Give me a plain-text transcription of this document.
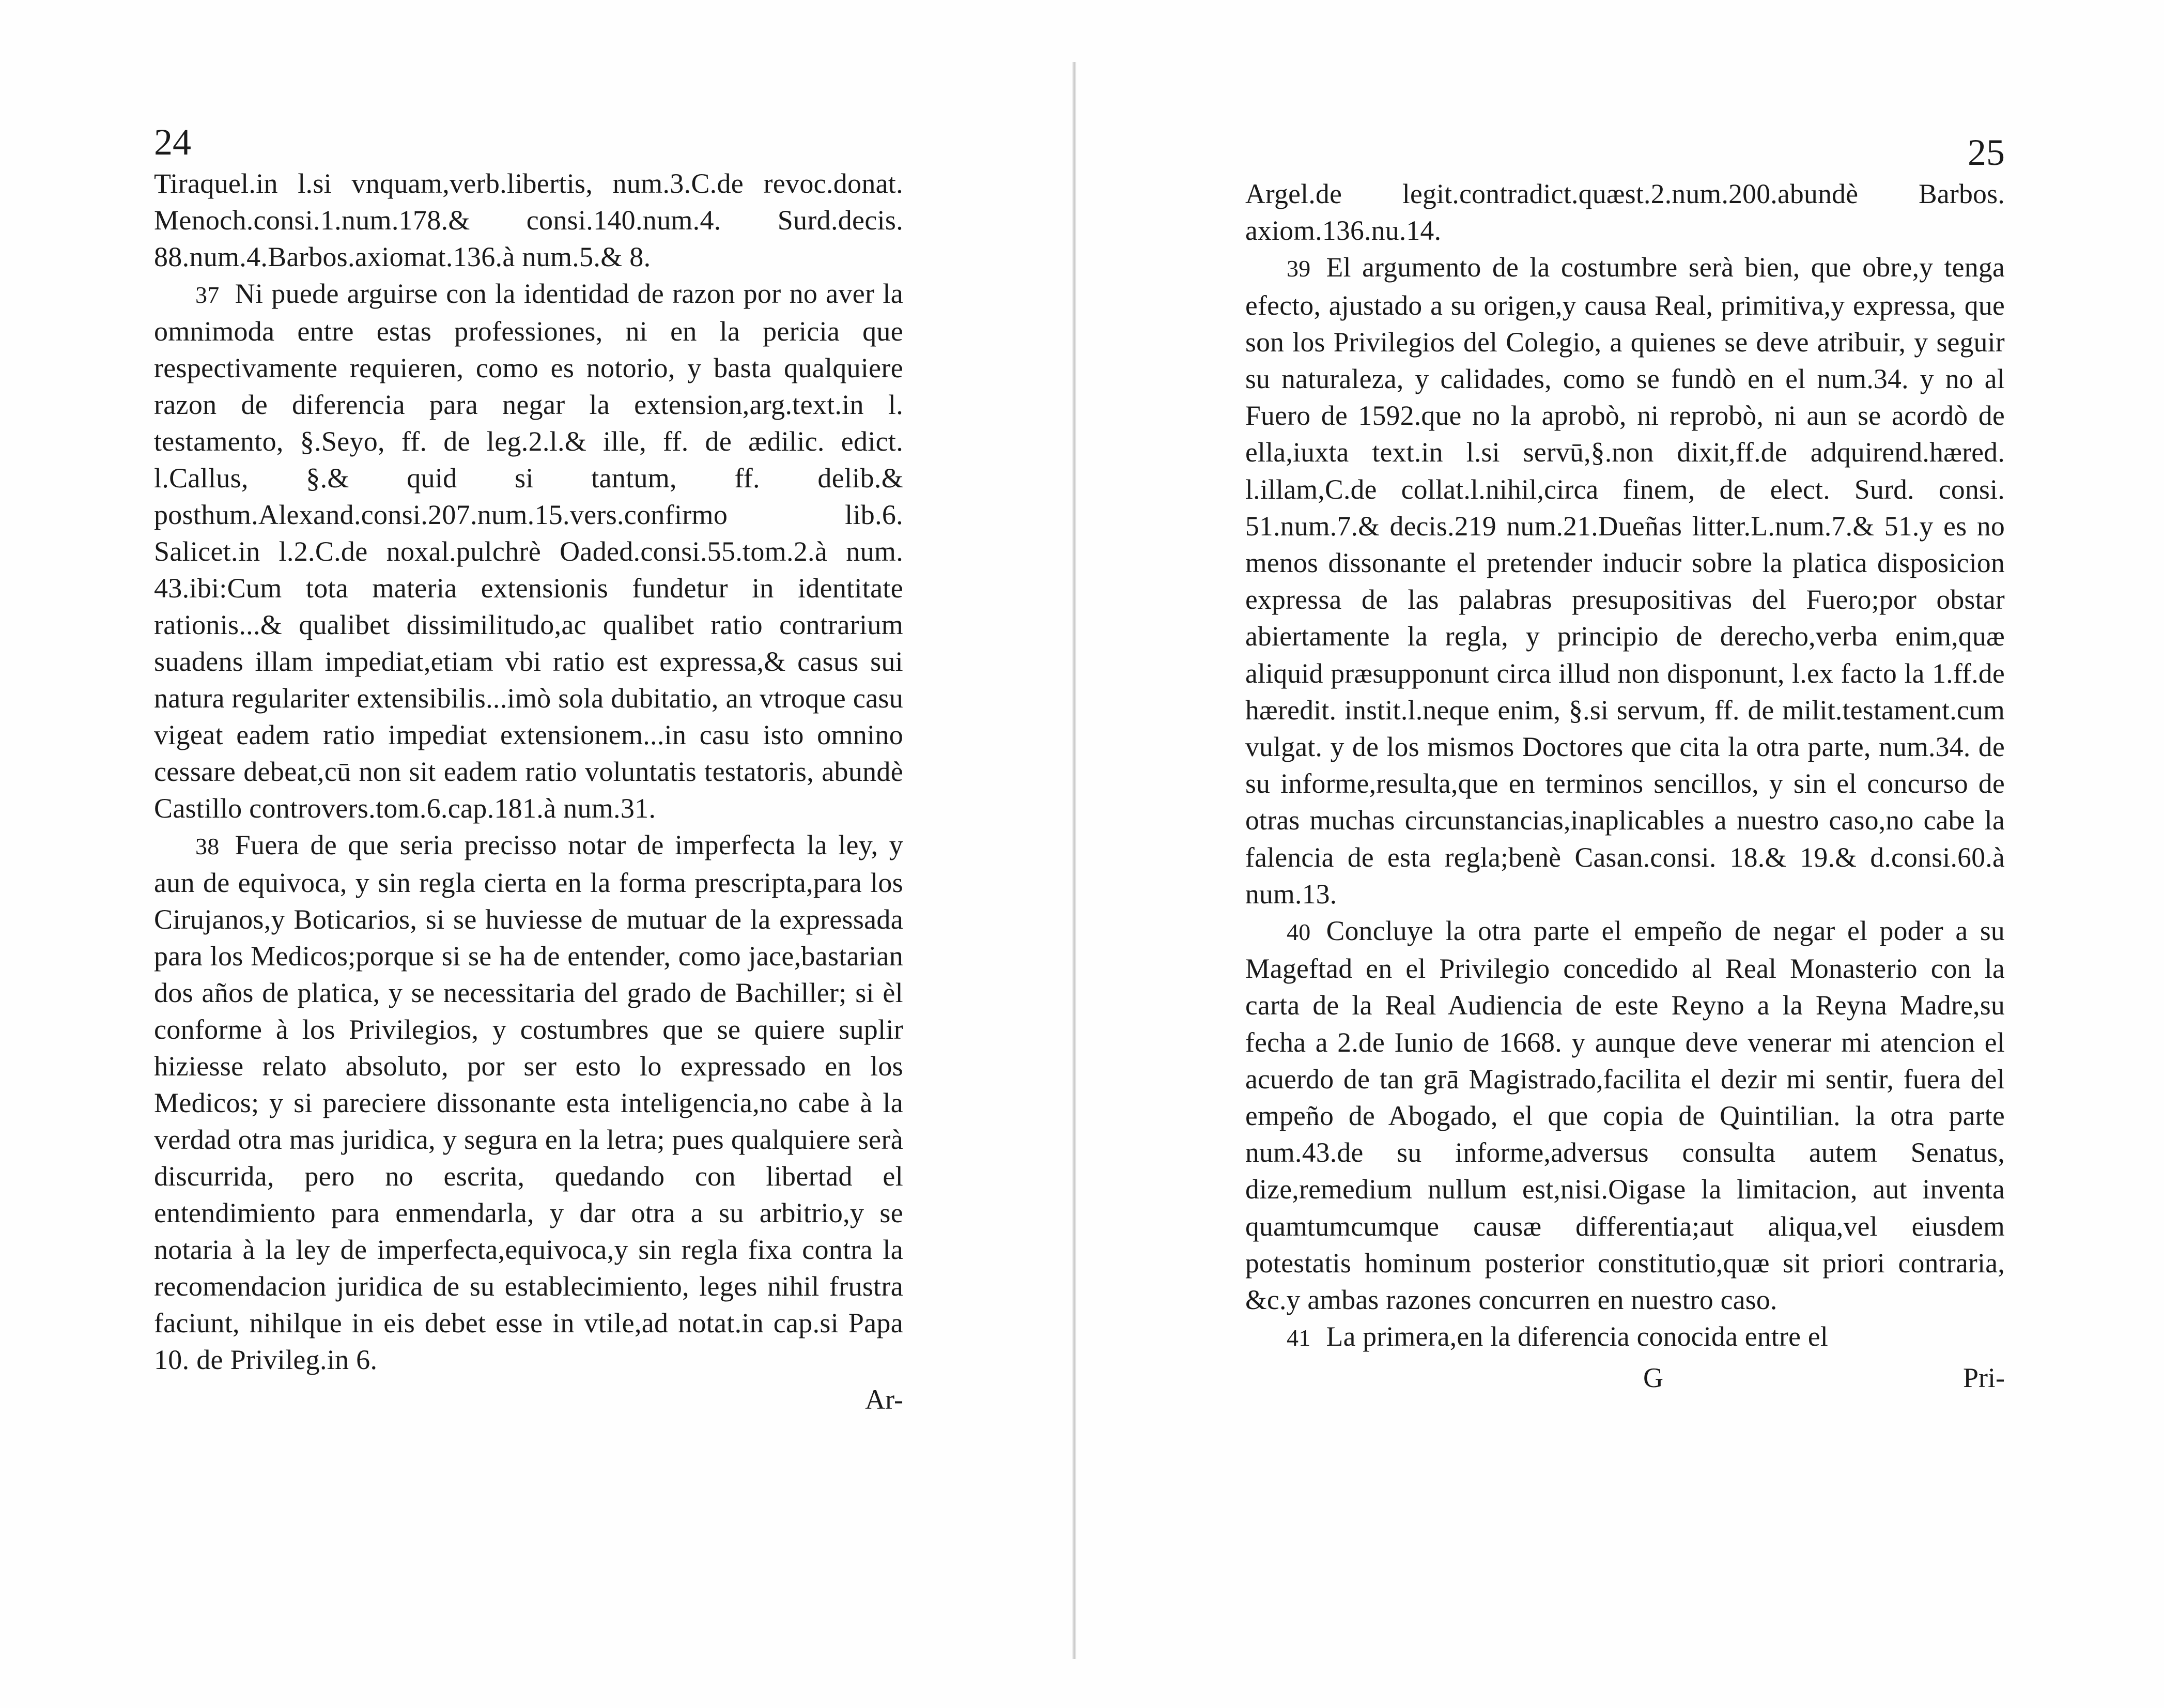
24

Tiraquel.in l.si vnquam,verb.libertis, num.3.C.de revoc.donat. Menoch.consi.1.num.178.& consi.140.num.4. Surd.decis. 88.num.4.Barbos.axiomat.136.à num.5.& 8.

37 Ni puede arguirse con la identidad de razon por no aver la omnimoda entre estas professiones, ni en la pericia que respectivamente requieren, como es notorio, y basta qualquiere razon de diferencia para negar la extension,arg.text.in l. testamento, §.Seyo, ff. de leg.2.l.& ille, ff. de ædilic. edict. l.Callus, §.& quid si tantum, ff. delib.& posthum.Alexand.consi.207.num.15.vers.confirmo lib.6. Salicet.in l.2.C.de noxal.pulchrè Oaded.consi.55.tom.2.à num. 43.ibi:Cum tota materia extensionis fundetur in identitate rationis...& qualibet dissimilitudo,ac qualibet ratio contrarium suadens illam impediat,etiam vbi ratio est expressa,& casus sui natura regulariter extensibilis...imò sola dubitatio, an vtroque casu vigeat eadem ratio impediat extensionem...in casu isto omnino cessare debeat,cū non sit eadem ratio voluntatis testatoris, abundè Castillo controvers.tom.6.cap.181.à num.31.

38 Fuera de que seria precisso notar de imperfecta la ley, y aun de equivoca, y sin regla cierta en la forma prescripta,para los Cirujanos,y Boticarios, si se huviesse de mutuar de la expressada para los Medicos;porque si se ha de entender, como jace,bastarian dos años de platica, y se necessitaria del grado de Bachiller; si èl conforme à los Privilegios, y costumbres que se quiere suplir hiziesse relato absoluto, por ser esto lo expressado en los Medicos; y si pareciere dissonante esta inteligencia,no cabe à la verdad otra mas juridica, y segura en la letra; pues qualquiere serà discurrida, pero no escrita, quedando con libertad el entendimiento para enmendarla, y dar otra a su arbitrio,y se notaria à la ley de imperfecta,equivoca,y sin regla fixa contra la recomendacion juridica de su establecimiento, leges nihil frustra faciunt, nihilque in eis debet esse in vtile,ad notat.in cap.si Papa 10. de Privileg.in 6.

Ar-
25

Argel.de legit.contradict.quæst.2.num.200.abundè Barbos. axiom.136.nu.14.

39 El argumento de la costumbre serà bien, que obre,y tenga efecto, ajustado a su origen,y causa Real, primitiva,y expressa, que son los Privilegios del Colegio, a quienes se deve atribuir, y seguir su naturaleza, y calidades, como se fundò en el num.34. y no al Fuero de 1592.que no la aprobò, ni reprobò, ni aun se acordò de ella,iuxta text.in l.si servū,§.non dixit,ff.de adquirend.hæred. l.illam,C.de collat.l.nihil,circa finem, de elect. Surd. consi. 51.num.7.& decis.219 num.21.Dueñas litter.L.num.7.& 51.y es no menos dissonante el pretender inducir sobre la platica disposicion expressa de las palabras presupositivas del Fuero;por obstar abiertamente la regla, y principio de derecho,verba enim,quæ aliquid præsupponunt circa illud non disponunt, l.ex facto la 1.ff.de hæredit. instit.l.neque enim, §.si servum, ff. de milit.testament.cum vulgat. y de los mismos Doctores que cita la otra parte, num.34. de su informe,resulta,que en terminos sencillos, y sin el concurso de otras muchas circunstancias,inaplicables a nuestro caso,no cabe la falencia de esta regla;benè Casan.consi. 18.& 19.& d.consi.60.à num.13.

40 Concluye la otra parte el empeño de negar el poder a su Mageftad en el Privilegio concedido al Real Monasterio con la carta de la Real Audiencia de este Reyno a la Reyna Madre,su fecha a 2.de Iunio de 1668. y aunque deve venerar mi atencion el acuerdo de tan grā Magistrado,facilita el dezir mi sentir, fuera del empeño de Abogado, el que copia de Quintilian. la otra parte num.43.de su informe,adversus consulta autem Senatus, dize,remedium nullum est,nisi.Oigase la limitacion, aut inventa quamtumcumque causæ differentia;aut aliqua,vel eiusdem potestatis hominum posterior constitutio,quæ sit priori contraria, &c.y ambas razones concurren en nuestro caso.

41 La primera,en la diferencia conocida entre el

G	Pri-
